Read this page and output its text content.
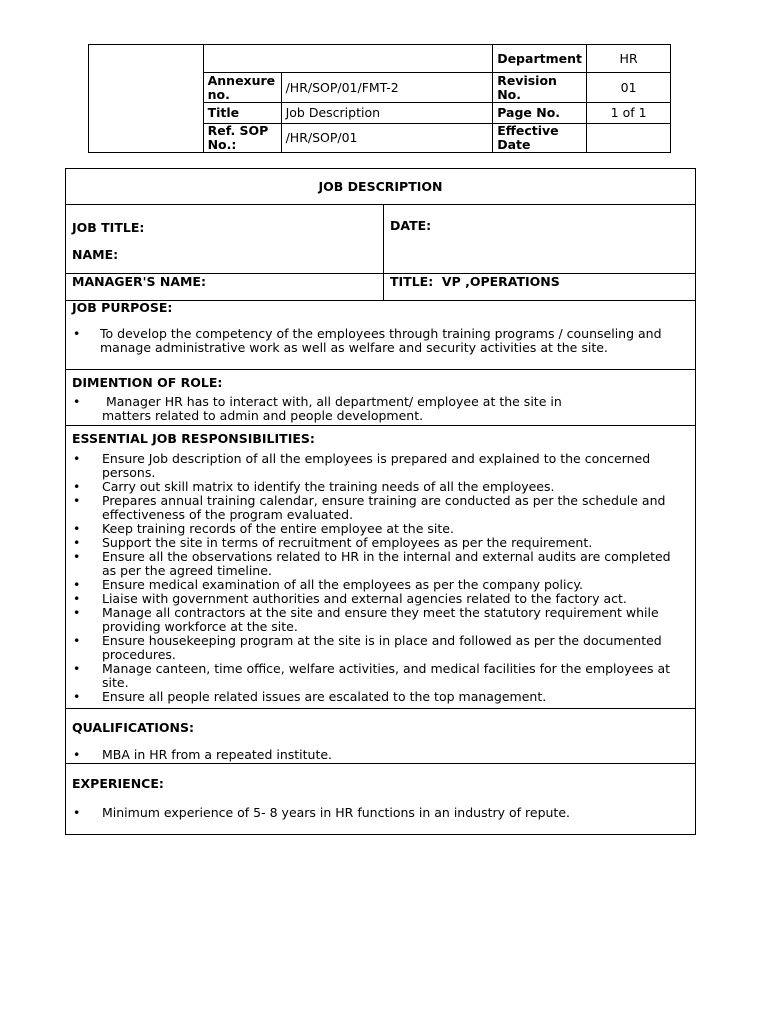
			Department	HR
	Annexure no.	/HR/SOP/01/FMT-2	Revision No.	01
	Title	Job Description	Page No.	1 of 1
	Ref. SOP No.:	/HR/SOP/01	Effective Date	
JOB DESCRIPTION
JOB TITLE:
NAME:
DATE:
MANAGER'S NAME:	TITLE:  VP ,OPERATIONS
JOB PURPOSE:
• To develop the competency of the employees through training programs / counseling and manage administrative work as well as welfare and security activities at the site.
DIMENTION OF ROLE:
•  Manager HR has to interact with, all department/ employee at the site in matters related to admin and people development.
ESSENTIAL JOB RESPONSIBILITIES:
• Ensure Job description of all the employees is prepared and explained to the concerned persons.
• Carry out skill matrix to identify the training needs of all the employees.
• Prepares annual training calendar, ensure training are conducted as per the schedule and effectiveness of the program evaluated.
• Keep training records of the entire employee at the site.
• Support the site in terms of recruitment of employees as per the requirement.
• Ensure all the observations related to HR in the internal and external audits are completed as per the agreed timeline.
• Ensure medical examination of all the employees as per the company policy.
• Liaise with government authorities and external agencies related to the factory act.
• Manage all contractors at the site and ensure they meet the statutory requirement while providing workforce at the site.
• Ensure housekeeping program at the site is in place and followed as per the documented procedures.
• Manage canteen, time office, welfare activities, and medical facilities for the employees at site.
• Ensure all people related issues are escalated to the top management.
QUALIFICATIONS:
• MBA in HR from a repeated institute.
EXPERIENCE:
• Minimum experience of 5- 8 years in HR functions in an industry of repute.
